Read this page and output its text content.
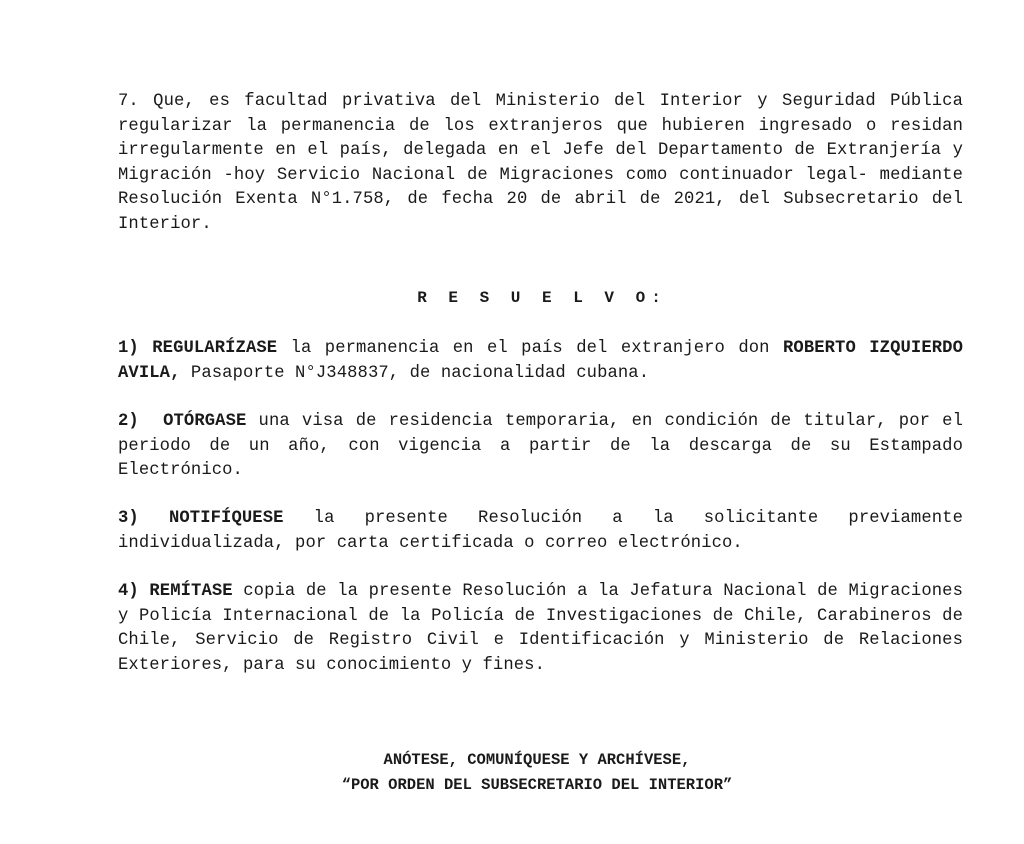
7. Que, es facultad privativa del Ministerio del Interior y Seguridad Pública regularizar la permanencia de los extranjeros que hubieren ingresado o residan irregularmente en el país, delegada en el Jefe del Departamento de Extranjería y Migración -hoy Servicio Nacional de Migraciones como continuador legal- mediante Resolución Exenta N°1.758, de fecha 20 de abril de 2021, del Subsecretario del Interior.

R E S U E L V O:

1) REGULARÍZASE la permanencia en el país del extranjero don ROBERTO IZQUIERDO AVILA, Pasaporte N°J348837, de nacionalidad cubana.

2) OTÓRGASE una visa de residencia temporaria, en condición de titular, por el periodo de un año, con vigencia a partir de la descarga de su Estampado Electrónico.

3) NOTIFÍQUESE la presente Resolución a la solicitante previamente individualizada, por carta certificada o correo electrónico.

4) REMÍTASE copia de la presente Resolución a la Jefatura Nacional de Migraciones y Policía Internacional de la Policía de Investigaciones de Chile, Carabineros de Chile, Servicio de Registro Civil e Identificación y Ministerio de Relaciones Exteriores, para su conocimiento y fines.

ANÓTESE, COMUNÍQUESE Y ARCHÍVESE,

“POR ORDEN DEL SUBSECRETARIO DEL INTERIOR”
